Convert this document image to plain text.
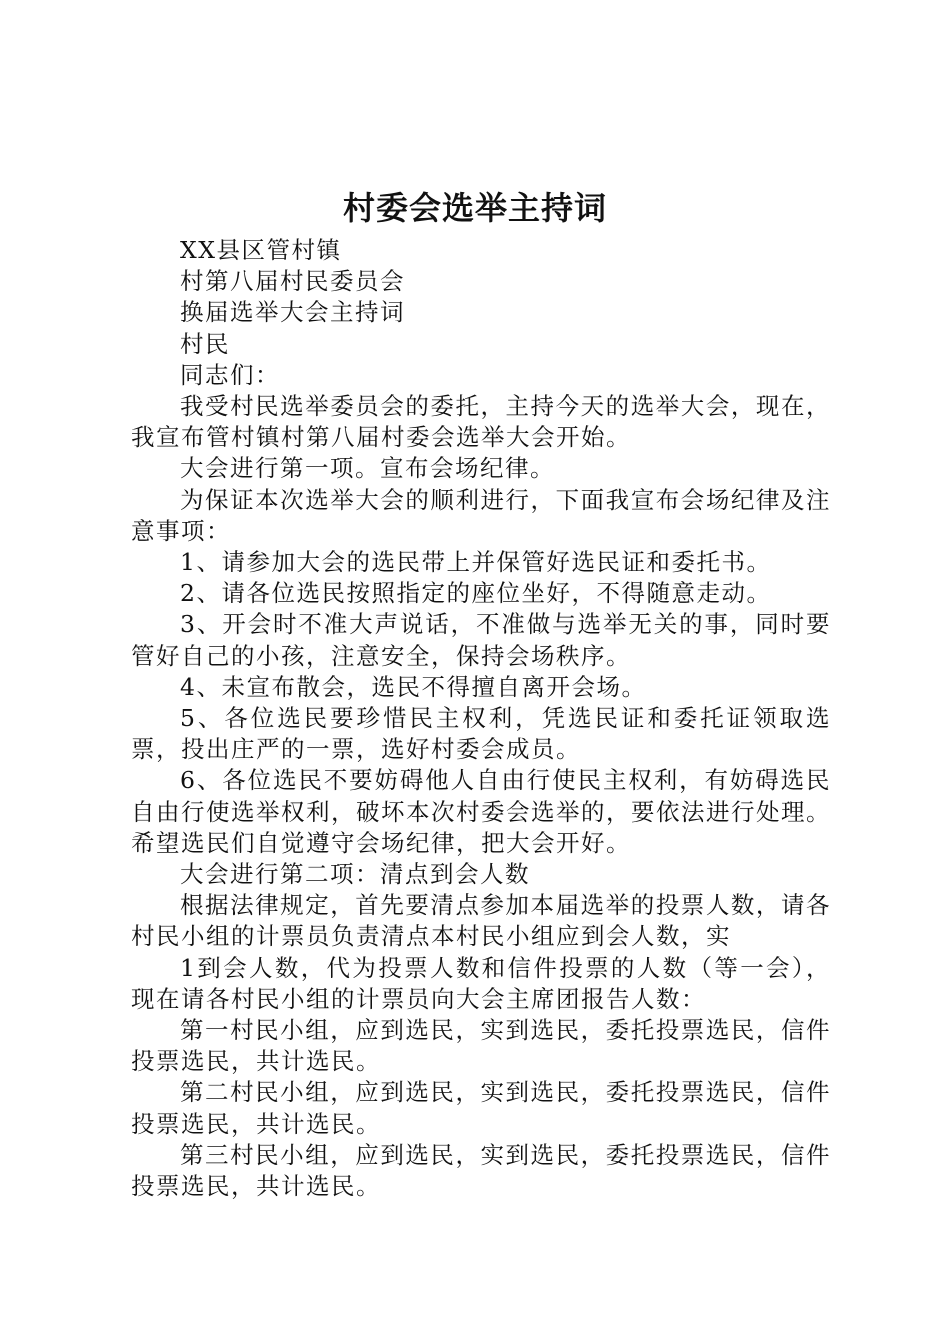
村委会选举主持词

XX县区管村镇

村第八届村民委员会

换届选举大会主持词

村民

同志们：

我受村民选举委员会的委托，主持今天的选举大会，现在，我宣布管村镇村第八届村委会选举大会开始。

大会进行第一项。宣布会场纪律。

为保证本次选举大会的顺利进行，下面我宣布会场纪律及注意事项：

1、请参加大会的选民带上并保管好选民证和委托书。

2、请各位选民按照指定的座位坐好，不得随意走动。

3、开会时不准大声说话，不准做与选举无关的事，同时要管好自己的小孩，注意安全，保持会场秩序。

4、未宣布散会，选民不得擅自离开会场。

5、各位选民要珍惜民主权利，凭选民证和委托证领取选票，投出庄严的一票，选好村委会成员。

6、各位选民不要妨碍他人自由行使民主权利，有妨碍选民自由行使选举权利，破坏本次村委会选举的，要依法进行处理。希望选民们自觉遵守会场纪律，把大会开好。

大会进行第二项：清点到会人数

根据法律规定，首先要清点参加本届选举的投票人数，请各村民小组的计票员负责清点本村民小组应到会人数，实

1到会人数，代为投票人数和信件投票的人数（等一会），现在请各村民小组的计票员向大会主席团报告人数：

第一村民小组，应到选民，实到选民，委托投票选民，信件投票选民，共计选民。

第二村民小组，应到选民，实到选民，委托投票选民，信件投票选民，共计选民。

第三村民小组，应到选民，实到选民，委托投票选民，信件投票选民，共计选民。
